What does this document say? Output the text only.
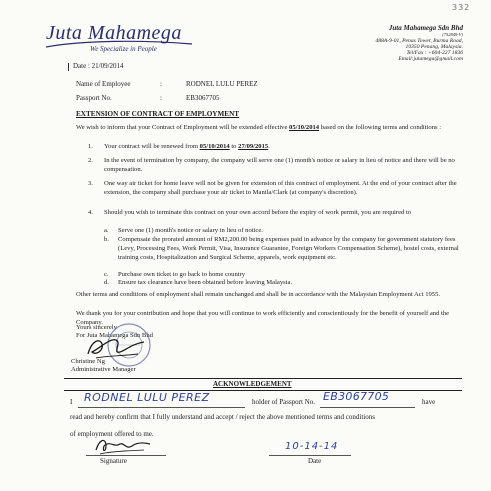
332
Juta Mahamega
We Specialize in People
Juta Mahamega Sdn Bhd
(752849-V)
488A-9-01, Penas Tower, Burma Road,
10350 Penang, Malaysia.
Tel/Fax : +604-227 1836
Email:jutamega@gmail.com
Date : 21/09/2014
Name of Employee	:	RODNEL LULU PEREZ
Passport No.	:	EB3067705
EXTENSION OF CONTRACT OF EMPLOYMENT
We wish to inform that your Contract of Employment will be extended effective 05/10/2014 based on the following terms and conditions :
1. Your contract will be renewed from 05/10/2014 to 27/09/2015.
2. In the event of termination by company, the company will serve one (1) month's notice or salary in lieu of notice and there will be no compensation.
3. One way air ticket for home leave will not be given for extension of this contract of employment. At the end of your contract after the extension, the company shall purchase your air ticket to Manila/Clark (at company's discretion).
4. Should you wish to terminate this contract on your own accord before the expiry of work permit, you are required to
a. Serve one (1) month's notice or salary in lieu of notice.
b. Compensate the prorated amount of RM2,200.00 being expenses paid in advance by the company for government statutory fees (Levy, Processing Fees, Work Permit, Visa, Insurance Guarantee, Foreign Workers Compensation Scheme), hostel costs, external training costs, Hospitalization and Surgical Scheme, apparels, work equipment etc.
c. Purchase own ticket to go back to home country
d. Ensure tax clearance have been obtained before leaving Malaysia.
Other terms and conditions of employment shall remain unchanged and shall be in accordance with the Malaysian Employment Act 1955.
We thank you for your contribution and hope that you will continue to work efficiently and conscientiously for the benefit of yourself and the Company.
Yours sincerely
For Juta Mahamega Sdn Bhd
Christine Ng
Administrative Manager
ACKNOWLEDGEMENT
I RODNEL LULU PEREZ	holder of Passport No. EB3067705	have
read and hereby confirm that I fully understand and accept / reject the above mentioned terms and conditions
of employment offered to me.
Signature
10-14-14
Date
